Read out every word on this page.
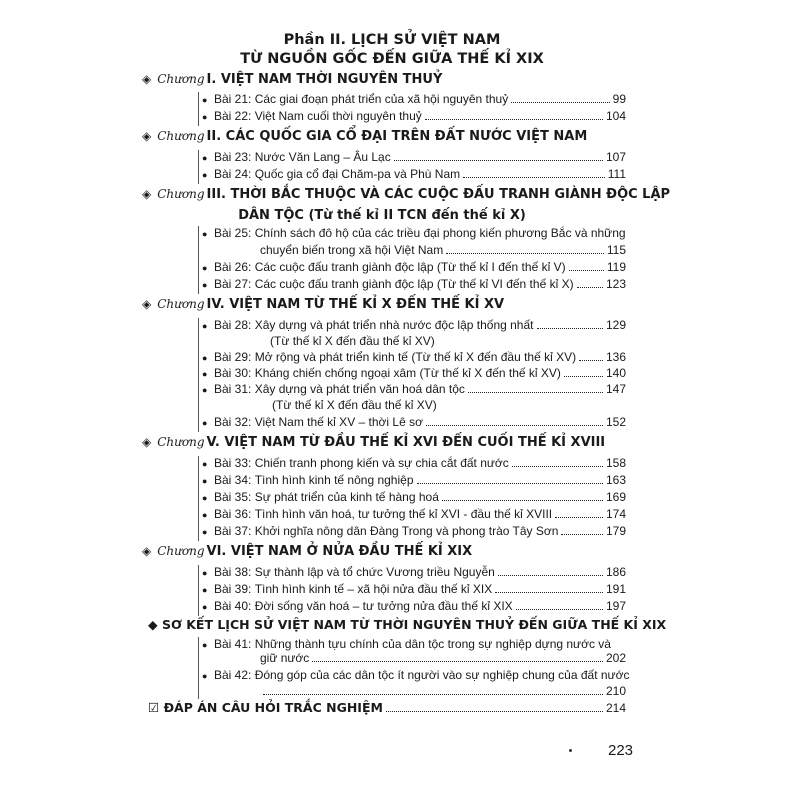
Phần II. LỊCH SỬ VIỆT NAM
TỪ NGUỒN GỐC ĐẾN GIỮA THẾ KỈ XIX
◈ Chương I. VIỆT NAM THỜI NGUYÊN THUỶ
● Bài 21:
Các giai đoạn phát triển của xã hội nguyên thuỷ	99
● Bài 22:
Việt Nam cuối thời nguyên thuỷ	104
◈ Chương II. CÁC QUỐC GIA CỔ ĐẠI TRÊN ĐẤT NƯỚC VIỆT NAM
● Bài 23:
Nước Văn Lang – Âu Lạc	107
● Bài 24:
Quốc gia cổ đại Chăm-pa và Phù Nam	111
◈ Chương III. THỜI BẮC THUỘC VÀ CÁC CUỘC ĐẤU TRANH GIÀNH ĐỘC LẬP
DÂN TỘC (Từ thế kỉ II TCN đến thế kỉ X)
● Bài 25:
Chính sách đô hộ của các triều đại phong kiến phương Bắc và những
chuyển biến trong xã hội Việt Nam	115
● Bài 26:
Các cuộc đấu tranh giành độc lập (Từ thế kỉ I đến thế kỉ V)	119
● Bài 27:
Các cuộc đấu tranh giành độc lập (Từ thế kỉ VI đến thế kỉ X)	123
◈ Chương IV. VIỆT NAM TỪ THẾ KỈ X ĐẾN THẾ KỈ XV
● Bài 28:
Xây dựng và phát triển nhà nước độc lập thống nhất	129
(Từ thế kỉ X đến đầu thế kỉ XV)
● Bài 29:
Mở rộng và phát triển kinh tế (Từ thế kỉ X đến đầu thế kỉ XV) 136
● Bài 30:
Kháng chiến chống ngoại xâm (Từ thế kỉ X đến thế kỉ XV)	140
● Bài 31:
Xây dựng và phát triển văn hoá dân tộc	147
(Từ thế kỉ X đến đầu thế kỉ XV)
● Bài 32:
Việt Nam thế kỉ XV – thời Lê sơ	152
◈ Chương V. VIỆT NAM TỪ ĐẦU THẾ KỈ XVI ĐẾN CUỐI THẾ KỈ XVIII
● Bài 33:
Chiến tranh phong kiến và sự chia cắt đất nước	158
● Bài 34:
Tình hình kinh tế nông nghiệp	163
● Bài 35:
Sự phát triển của kinh tế hàng hoá	169
● Bài 36:
Tình hình văn hoá, tư tưởng thế kỉ XVI - đầu thế kỉ XVIII	174
● Bài 37:
Khởi nghĩa nông dân Đàng Trong và phong trào Tây Sơn	179
◈ Chương VI. VIỆT NAM Ở NỬA ĐẦU THẾ KỈ XIX
● Bài 38:
Sự thành lập và tổ chức Vương triều Nguyễn	186
● Bài 39:
Tình hình kinh tế – xã hội nửa đầu thế kỉ XIX	191
● Bài 40:
Đời sống văn hoá – tư tưởng nửa đầu thế kỉ XIX	197
◆ SƠ KẾT LỊCH SỬ VIỆT NAM TỪ THỜI NGUYÊN THUỶ ĐẾN GIỮA THẾ KỈ XIX
● Bài 41:
Những thành tựu chính của dân tộc trong sự nghiệp dựng nước và
giữ nước	202
● Bài 42:
Đóng góp của các dân tộc ít người vào sự nghiệp chung của đất nước
210
☑ ĐÁP ÁN CÂU HỎI TRẮC NGHIỆM	214
223
